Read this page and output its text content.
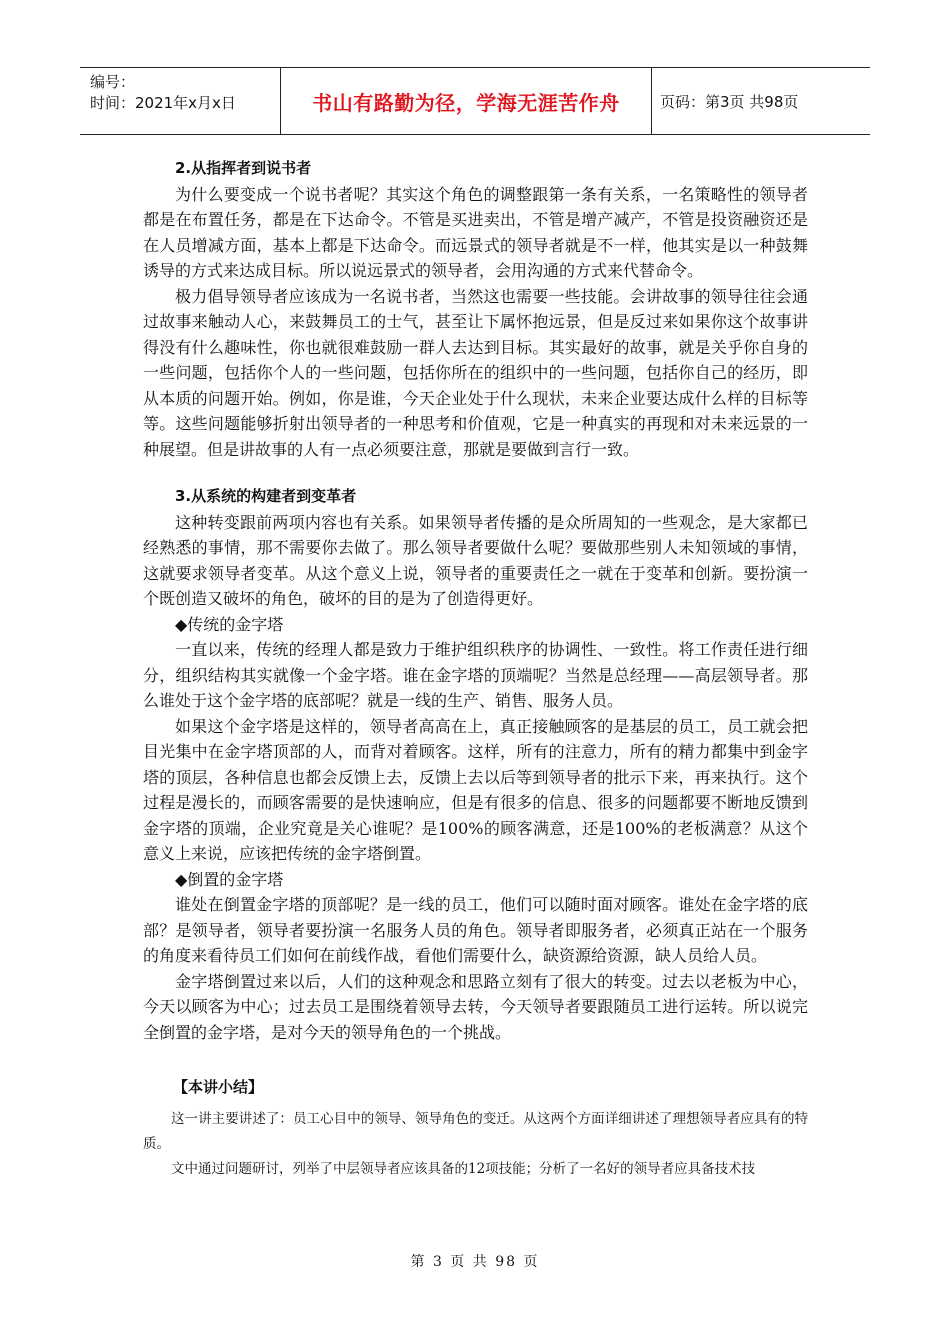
编号：
时间：2021年x月x日	书山有路勤为径，学海无涯苦作舟	页码：第3页 共98页

2.从指挥者到说书者

为什么要变成一个说书者呢？其实这个角色的调整跟第一条有关系，一名策略性的领导者都是在布置任务，都是在下达命令。不管是买进卖出，不管是增产减产，不管是投资融资还是在人员增减方面，基本上都是下达命令。而远景式的领导者就是不一样，他其实是以一种鼓舞诱导的方式来达成目标。所以说远景式的领导者，会用沟通的方式来代替命令。

极力倡导领导者应该成为一名说书者，当然这也需要一些技能。会讲故事的领导往往会通过故事来触动人心，来鼓舞员工的士气，甚至让下属怀抱远景，但是反过来如果你这个故事讲得没有什么趣味性，你也就很难鼓励一群人去达到目标。其实最好的故事，就是关乎你自身的一些问题，包括你个人的一些问题，包括你所在的组织中的一些问题，包括你自己的经历，即从本质的问题开始。例如，你是谁，今天企业处于什么现状，未来企业要达成什么样的目标等等。这些问题能够折射出领导者的一种思考和价值观，它是一种真实的再现和对未来远景的一种展望。但是讲故事的人有一点必须要注意，那就是要做到言行一致。

3.从系统的构建者到变革者

这种转变跟前两项内容也有关系。如果领导者传播的是众所周知的一些观念，是大家都已经熟悉的事情，那不需要你去做了。那么领导者要做什么呢？要做那些别人未知领域的事情，这就要求领导者变革。从这个意义上说，领导者的重要责任之一就在于变革和创新。要扮演一个既创造又破坏的角色，破坏的目的是为了创造得更好。

◆传统的金字塔

一直以来，传统的经理人都是致力于维护组织秩序的协调性、一致性。将工作责任进行细分，组织结构其实就像一个金字塔。谁在金字塔的顶端呢？当然是总经理——高层领导者。那么谁处于这个金字塔的底部呢？就是一线的生产、销售、服务人员。

如果这个金字塔是这样的，领导者高高在上，真正接触顾客的是基层的员工，员工就会把目光集中在金字塔顶部的人，而背对着顾客。这样，所有的注意力，所有的精力都集中到金字塔的顶层，各种信息也都会反馈上去，反馈上去以后等到领导者的批示下来，再来执行。这个过程是漫长的，而顾客需要的是快速响应，但是有很多的信息、很多的问题都要不断地反馈到金字塔的顶端，企业究竟是关心谁呢？是100%的顾客满意，还是100%的老板满意？从这个意义上来说，应该把传统的金字塔倒置。

◆倒置的金字塔

谁处在倒置金字塔的顶部呢？是一线的员工，他们可以随时面对顾客。谁处在金字塔的底部？是领导者，领导者要扮演一名服务人员的角色。领导者即服务者，必须真正站在一个服务的角度来看待员工们如何在前线作战，看他们需要什么，缺资源给资源，缺人员给人员。

金字塔倒置过来以后，人们的这种观念和思路立刻有了很大的转变。过去以老板为中心，今天以顾客为中心；过去员工是围绕着领导去转，今天领导者要跟随员工进行运转。所以说完全倒置的金字塔，是对今天的领导角色的一个挑战。

【本讲小结】

这一讲主要讲述了：员工心目中的领导、领导角色的变迁。从这两个方面详细讲述了理想领导者应具有的特质。

文中通过问题研讨，列举了中层领导者应该具备的12项技能；分析了一名好的领导者应具备技术技

第 3 页 共 98 页
